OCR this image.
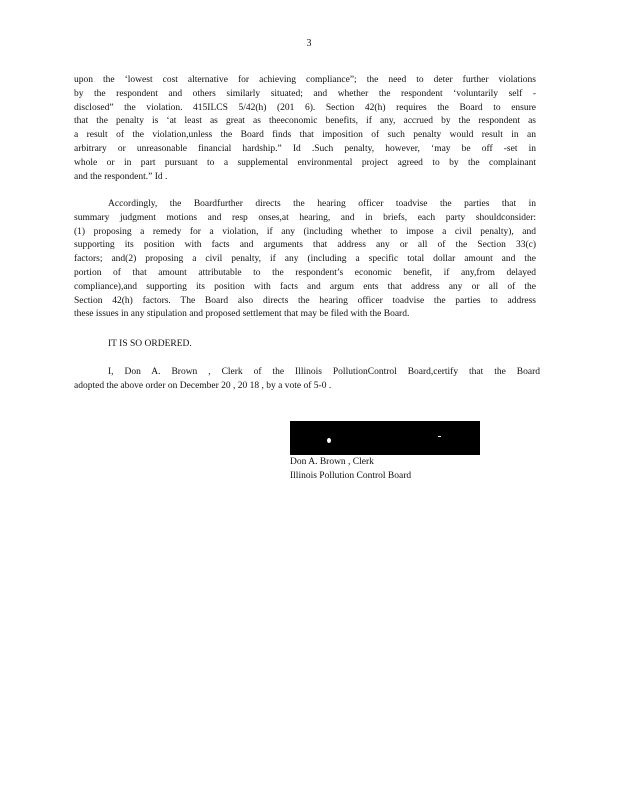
3
upon the ‘lowest cost alternative for achieving compliance”; the need to deter further violations
by the respondent and others similarly situated; and whether the respondent ‘voluntarily self -
disclosed” the violation. 415ILCS 5/42(h) (201 6). Section 42(h) requires the Board to ensure
that the penalty is ‘at least as great as theeconomic benefits, if any, accrued by the respondent as
a result of the violation,unless the Board finds that imposition of such penalty would result in an
arbitrary or unreasonable financial hardship.” Id .Such penalty, however, ‘may be off -set in
whole or in part pursuant to a supplemental environmental project agreed to by the complainant
and the respondent.” Id .
Accordingly, the Boardfurther directs the hearing officer toadvise the parties that in
summary judgment motions and resp onses,at hearing, and in briefs, each party shouldconsider:
(1) proposing a remedy for a violation, if any (including whether to impose a civil penalty), and
supporting its position with facts and arguments that address any or all of the Section 33(c)
factors; and(2) proposing a civil penalty, if any (including a specific total dollar amount and the
portion of that amount attributable to the respondent’s economic benefit, if any,from delayed
compliance),and supporting its position with facts and argum ents that address any or all of the
Section 42(h) factors. The Board also directs the hearing officer toadvise the parties to address
these issues in any stipulation and proposed settlement that may be filed with the Board.
IT IS SO ORDERED.
I, Don A. Brown , Clerk of the Illinois PollutionControl Board,certify that the Board
adopted the above order on December 20 , 20 18 , by a vote of 5-0 .
Don A. Brown , Clerk
Illinois Pollution Control Board
